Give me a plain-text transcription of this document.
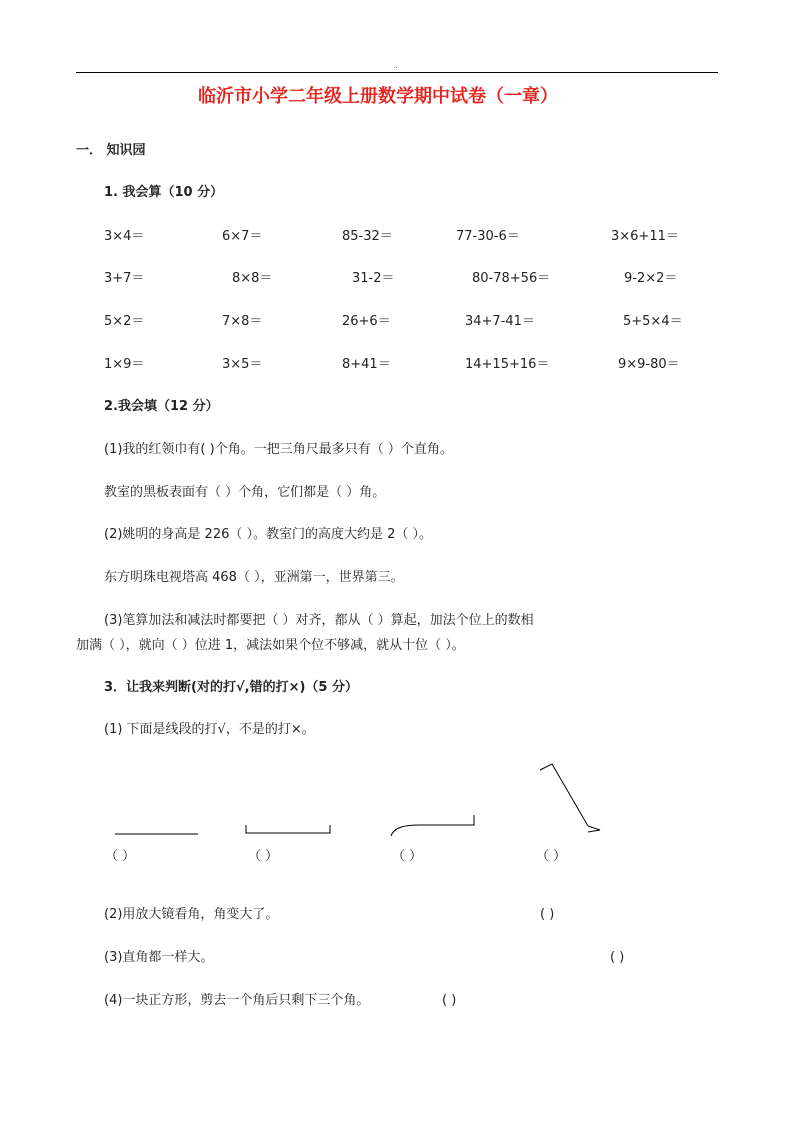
..
临沂市小学二年级上册数学期中试卷（一章）
一． 知识园
1. 我会算（10 分）
3×4＝	6×7＝	85-32＝	77-30-6＝	3×6+11＝
3+7＝	8×8＝	31-2＝	80-78+56＝	9-2×2＝
5×2＝	7×8＝	26+6＝	34+7-41＝	5+5×4＝
1×9＝	3×5＝	8+41＝	14+15+16＝	9×9-80＝
2.我会填（12 分）
(1)我的红领巾有( )个角。一把三角尺最多只有（ ）个直角。
教室的黑板表面有（ ）个角，它们都是（ ）角。
(2)姚明的身高是 226（ ）。教室门的高度大约是 2（ ）。
东方明珠电视塔高 468（ ），亚洲第一，世界第三。
(3)笔算加法和减法时都要把（ ）对齐，都从（ ）算起，加法个位上的数相
加满（ ），就向（ ）位进 1，减法如果个位不够减，就从十位（ ）。
3．让我来判断(对的打√,错的打×)（5 分）
(1) 下面是线段的打√，不是的打×。
（ ）	（ ）	（ ）	（ ）
(2)用放大镜看角，角变大了。	( )
(3)直角都一样大。	( )
(4)一块正方形，剪去一个角后只剩下三个角。	( )
